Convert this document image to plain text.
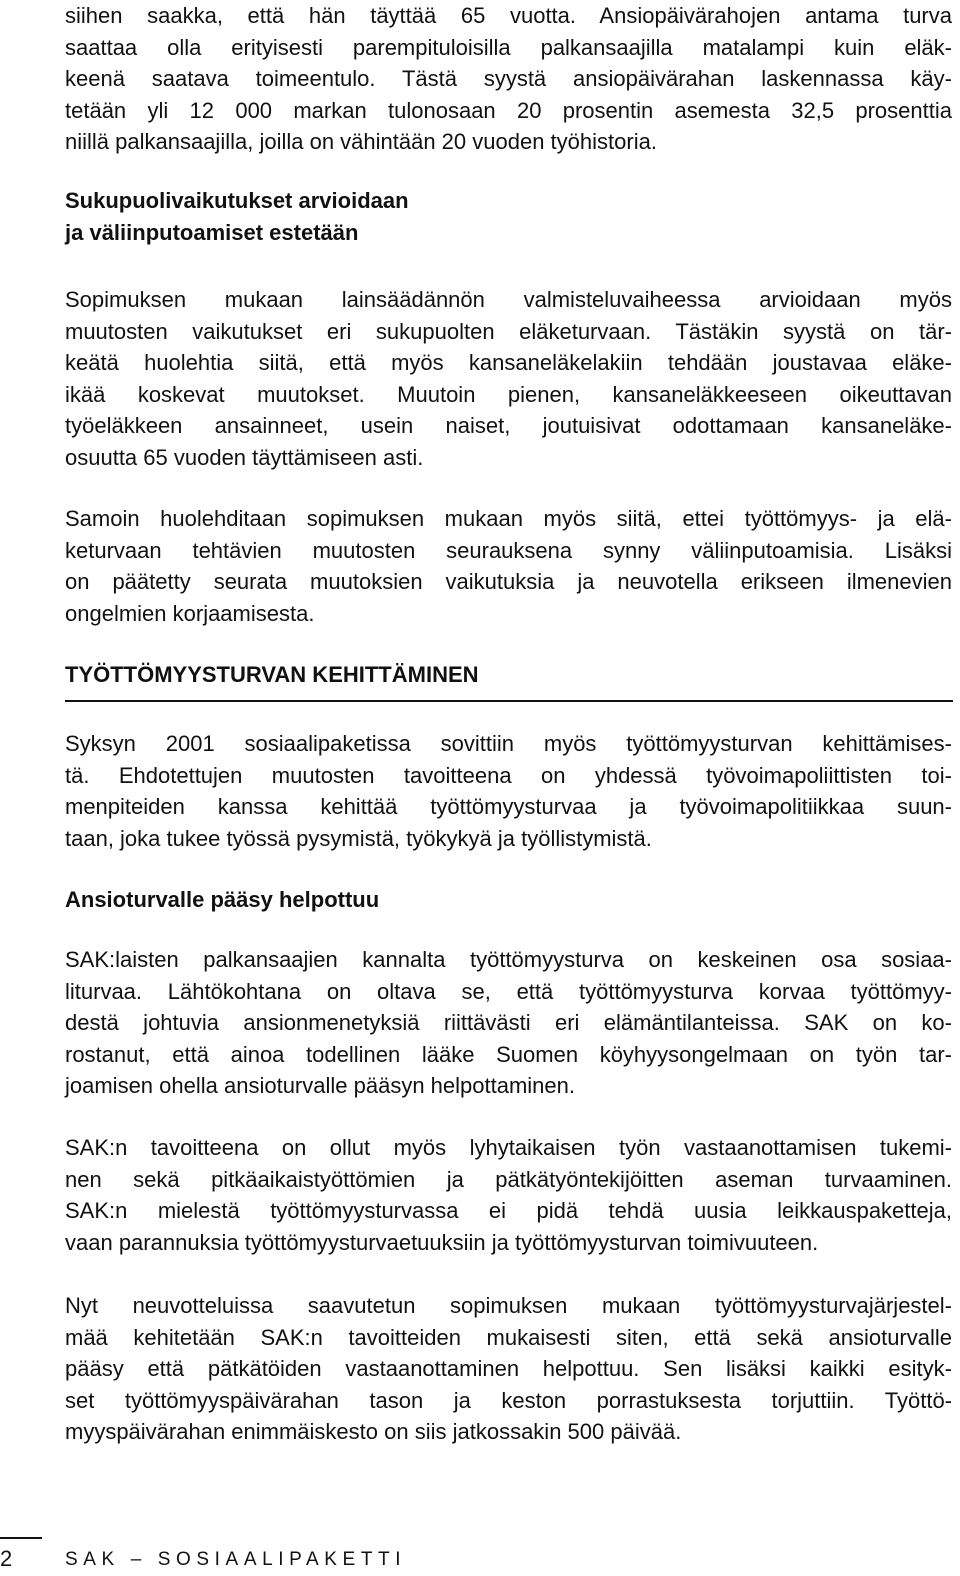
siihen saakka, että hän täyttää 65 vuotta. Ansiopäivärahojen antama turva
saattaa olla erityisesti parempituloisilla palkansaajilla matalampi kuin eläk-
keenä saatava toimeentulo. Tästä syystä ansiopäivärahan laskennassa käy-
tetään yli 12 000 markan tulonosaan 20 prosentin asemesta 32,5 prosenttia
niillä palkansaajilla, joilla on vähintään 20 vuoden työhistoria.
Sukupuolivaikutukset arvioidaan
ja väliinputoamiset estetään
Sopimuksen mukaan lainsäädännön valmisteluvaiheessa arvioidaan myös
muutosten vaikutukset eri sukupuolten eläketurvaan. Tästäkin syystä on tär-
keätä huolehtia siitä, että myös kansaneläkelakiin tehdään joustavaa eläke-
ikää koskevat muutokset. Muutoin pienen, kansaneläkkeeseen oikeuttavan
työeläkkeen ansainneet, usein naiset, joutuisivat odottamaan kansaneläke-
osuutta 65 vuoden täyttämiseen asti.
Samoin huolehditaan sopimuksen mukaan myös siitä, ettei työttömyys- ja elä-
keturvaan tehtävien muutosten seurauksena synny väliinputoamisia. Lisäksi
on päätetty seurata muutoksien vaikutuksia ja neuvotella erikseen ilmenevien
ongelmien korjaamisesta.
TYÖTTÖMYYSTURVAN KEHITTÄMINEN
Syksyn 2001 sosiaalipaketissa sovittiin myös työttömyysturvan kehittämises-
tä. Ehdotettujen muutosten tavoitteena on yhdessä työvoimapoliittisten toi-
menpiteiden kanssa kehittää työttömyysturvaa ja työvoimapolitiikkaa suun-
taan, joka tukee työssä pysymistä, työkykyä ja työllistymistä.
Ansioturvalle pääsy helpottuu
SAK:laisten palkansaajien kannalta työttömyysturva on keskeinen osa sosiaa-
liturvaa. Lähtökohtana on oltava se, että työttömyysturva korvaa työttömyy-
destä johtuvia ansionmenetyksiä riittävästi eri elämäntilanteissa. SAK on ko-
rostanut, että ainoa todellinen lääke Suomen köyhyysongelmaan on työn tar-
joamisen ohella ansioturvalle pääsyn helpottaminen.
SAK:n tavoitteena on ollut myös lyhytaikaisen työn vastaanottamisen tukemi-
nen sekä pitkäaikaistyöttömien ja pätkätyöntekijöitten aseman turvaaminen.
SAK:n mielestä työttömyysturvassa ei pidä tehdä uusia leikkauspaketteja,
vaan parannuksia työttömyysturvaetuuksiin ja työttömyysturvan toimivuuteen.
Nyt neuvotteluissa saavutetun sopimuksen mukaan työttömyysturvajärjestel-
mää kehitetään SAK:n tavoitteiden mukaisesti siten, että sekä ansioturvalle
pääsy että pätkätöiden vastaanottaminen helpottuu. Sen lisäksi kaikki esityk-
set työttömyyspäivärahan tason ja keston porrastuksesta torjuttiin. Työttö-
myyspäivärahan enimmäiskesto on siis jatkossakin 500 päivää.
2	SAK – SOSIAALIPAKETTI
